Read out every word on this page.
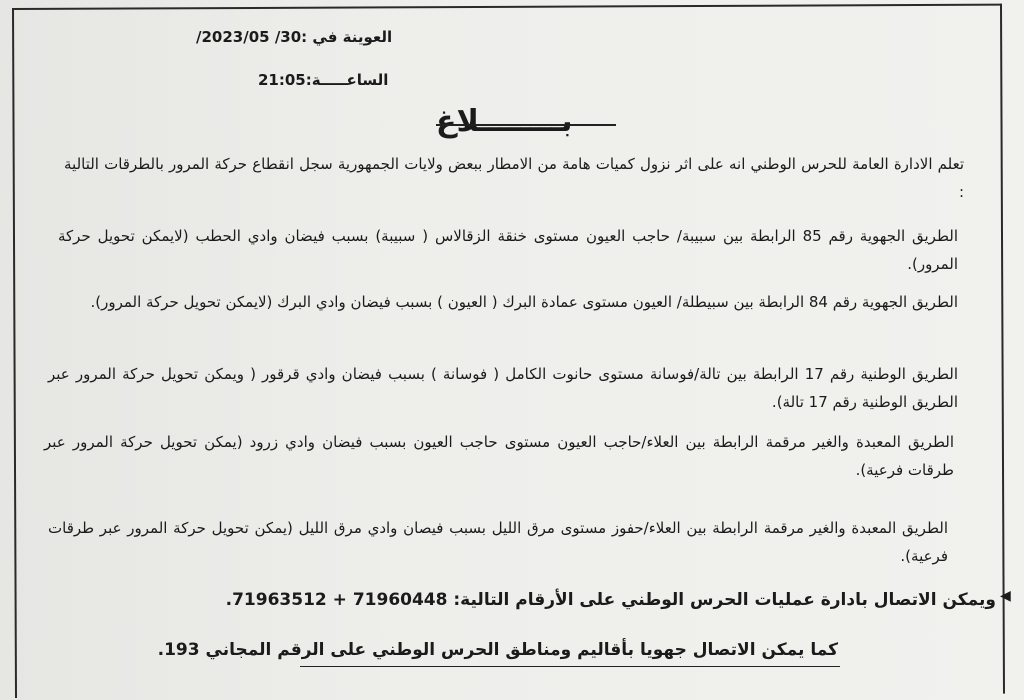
العوينة في :30/ 2023/05/
الساعـــــة:21:05
بــــــــلاغ
تعلم الادارة العامة للحرس الوطني انه على اثر نزول كميات هامة من الامطار ببعض ولايات الجمهورية سجل انقطاع حركة المرور بالطرقات التالية :
الطريق الجهوية رقم 85 الرابطة بين سبيبة/ حاجب العيون مستوى خنقة الزقالاس ( سبيبة) بسبب فيضان وادي الحطب (لايمكن تحويل حركة المرور).
الطريق الجهوية رقم 84 الرابطة بين سبيطلة/ العيون مستوى عمادة البرك ( العيون ) بسبب فيضان وادي البرك (لايمكن تحويل حركة المرور).
الطريق الوطنية رقم 17 الرابطة بين تالة/فوسانة مستوى حانوت الكامل ( فوسانة ) بسبب فيضان وادي قرقور ( ويمكن تحويل حركة المرور عبر الطريق الوطنية رقم 17 تالة).
الطريق المعبدة والغير مرقمة الرابطة بين العلاء/حاجب العيون مستوى حاجب العيون بسبب فيضان وادي زرود (يمكن تحويل حركة المرور عبر طرقات فرعية).
الطريق المعبدة والغير مرقمة الرابطة بين العلاء/حفوز مستوى مرق الليل بسبب فيصان وادي مرق الليل (يمكن تحويل حركة المرور عبر طرقات فرعية).
◀
ويمكن الاتصال بادارة عمليات الحرس الوطني على الأرقام التالية: 71960448 + 71963512.
كما يمكن الاتصال جهويا بأقاليم ومناطق الحرس الوطني على الرقم المجاني 193.
